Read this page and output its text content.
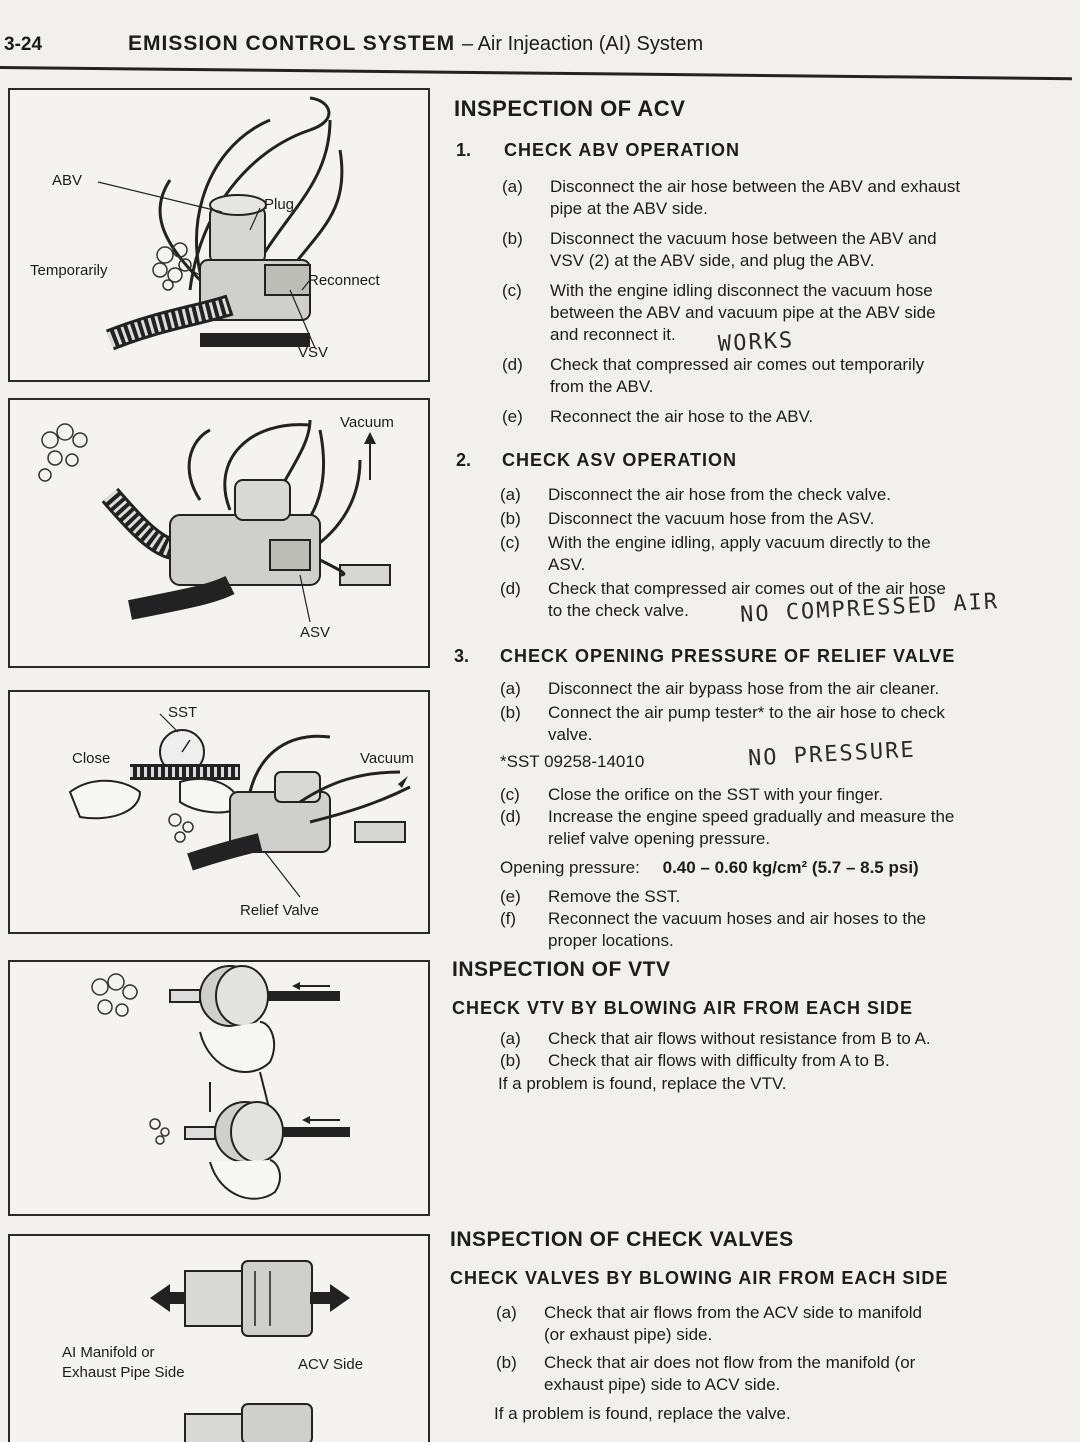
3-24	EMISSION CONTROL SYSTEM – Air Injeaction (AI) System
ABV
Plug
Temporarily
Reconnect
VSV
Vacuum
ASV
SST
Close	Vacuum
Relief Valve
AI Manifold or
Exhaust Pipe Side	ACV Side
INSPECTION OF ACV
1. CHECK ABV OPERATION
(a) Disconnect the air hose between the ABV and exhaust
pipe at the ABV side.
(b) Disconnect the vacuum hose between the ABV and
VSV (2) at the ABV side, and plug the ABV.
(c) With the engine idling disconnect the vacuum hose
between the ABV and vacuum pipe at the ABV side
and reconnect it.	WORKS
(d) Check that compressed air comes out temporarily
from the ABV.
(e) Reconnect the air hose to the ABV.
2. CHECK ASV OPERATION
(a) Disconnect the air hose from the check valve.
(b) Disconnect the vacuum hose from the ASV.
(c) With the engine idling, apply vacuum directly to the
ASV.
(d) Check that compressed air comes out of the air hose
to the check valve.	NO COMPRESSED AIR
3. CHECK OPENING PRESSURE OF RELIEF VALVE
(a) Disconnect the air bypass hose from the air cleaner.
(b) Connect the air pump tester* to the air hose to check
valve.
*SST 09258-14010	NO PRESSURE
(c) Close the orifice on the SST with your finger.
(d) Increase the engine speed gradually and measure the
relief valve opening pressure.
Opening pressure: 0.40 – 0.60 kg/cm² (5.7 – 8.5 psi)
(e) Remove the SST.
(f) Reconnect the vacuum hoses and air hoses to the
proper locations.
INSPECTION OF VTV
CHECK VTV BY BLOWING AIR FROM EACH SIDE
(a) Check that air flows without resistance from B to A.
(b) Check that air flows with difficulty from A to B.
If a problem is found, replace the VTV.
INSPECTION OF CHECK VALVES
CHECK VALVES BY BLOWING AIR FROM EACH SIDE
(a) Check that air flows from the ACV side to manifold
(or exhaust pipe) side.
(b) Check that air does not flow from the manifold (or
exhaust pipe) side to ACV side.
If a problem is found, replace the valve.
